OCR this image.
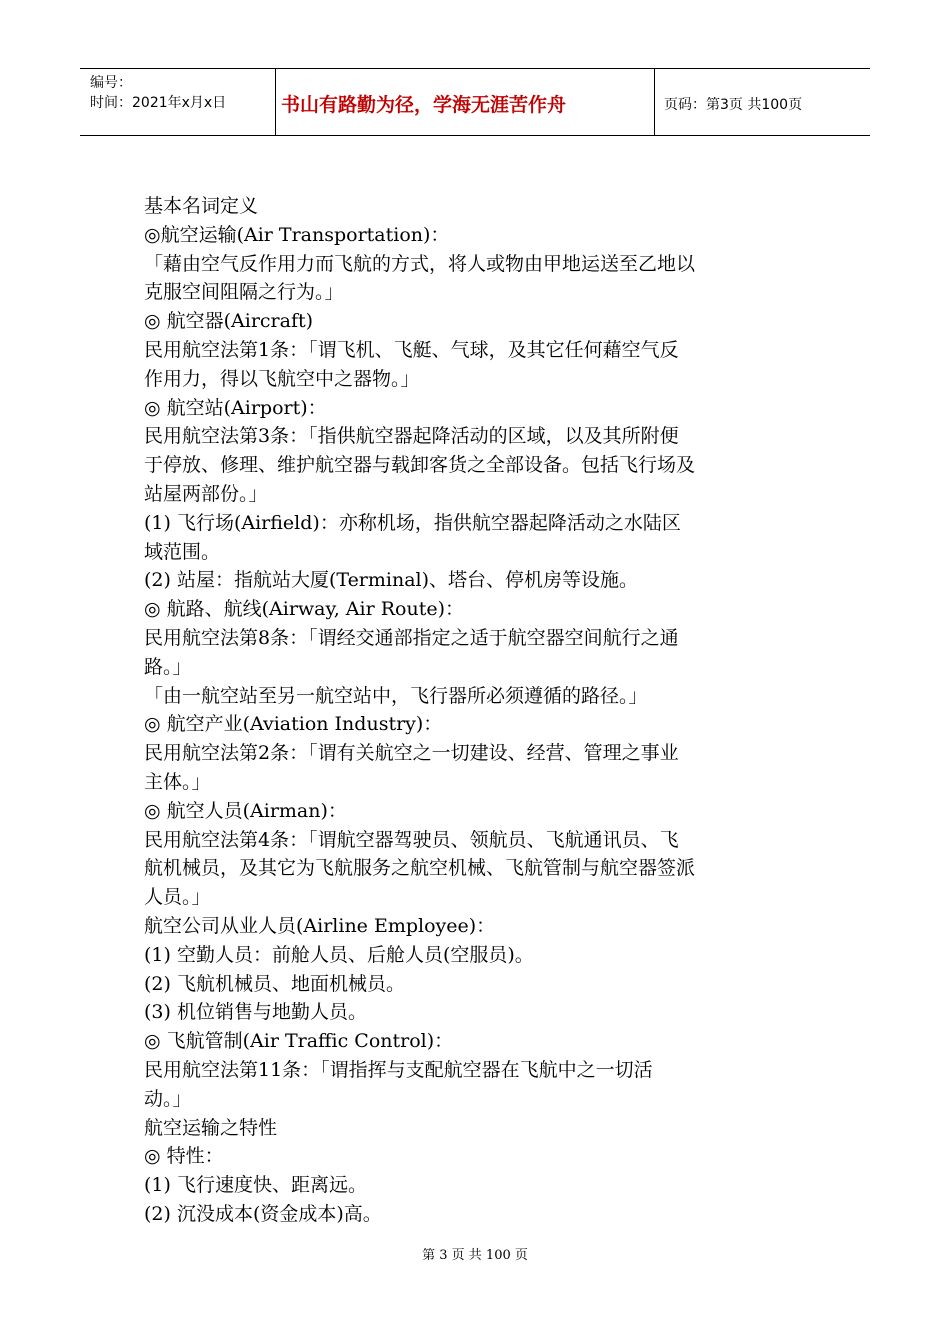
编号：
时间：2021年x月x日	书山有路勤为径，学海无涯苦作舟	页码：第3页 共100页
基本名词定义
◎航空运输(Air Transportation)：
「藉由空气反作用力而飞航的方式，将人或物由甲地运送至乙地以
克服空间阻隔之行为。」
◎ 航空器(Aircraft)
民用航空法第1条：「谓飞机、飞艇、气球，及其它任何藉空气反
作用力，得以飞航空中之器物。」
◎ 航空站(Airport)：
民用航空法第3条：「指供航空器起降活动的区域，以及其所附便
于停放、修理、维护航空器与载卸客货之全部设备。包括飞行场及
站屋两部份。」
(1) 飞行场(Airfield)：亦称机场，指供航空器起降活动之水陆区
域范围。
(2) 站屋：指航站大厦(Terminal)、塔台、停机房等设施。
◎ 航路、航线(Airway, Air Route)：
民用航空法第8条：「谓经交通部指定之适于航空器空间航行之通
路。」
「由一航空站至另一航空站中，飞行器所必须遵循的路径。」
◎ 航空产业(Aviation Industry)：
民用航空法第2条：「谓有关航空之一切建设、经营、管理之事业
主体。」
◎ 航空人员(Airman)：
民用航空法第4条：「谓航空器驾驶员、领航员、飞航通讯员、飞
航机械员，及其它为飞航服务之航空机械、飞航管制与航空器签派
人员。」
航空公司从业人员(Airline Employee)：
(1) 空勤人员：前舱人员、后舱人员(空服员)。
(2) 飞航机械员、地面机械员。
(3) 机位销售与地勤人员。
◎ 飞航管制(Air Traffic Control)：
民用航空法第11条：「谓指挥与支配航空器在飞航中之一切活
动。」
航空运输之特性
◎ 特性：
(1) 飞行速度快、距离远。
(2) 沉没成本(资金成本)高。
第 3 页 共 100 页
